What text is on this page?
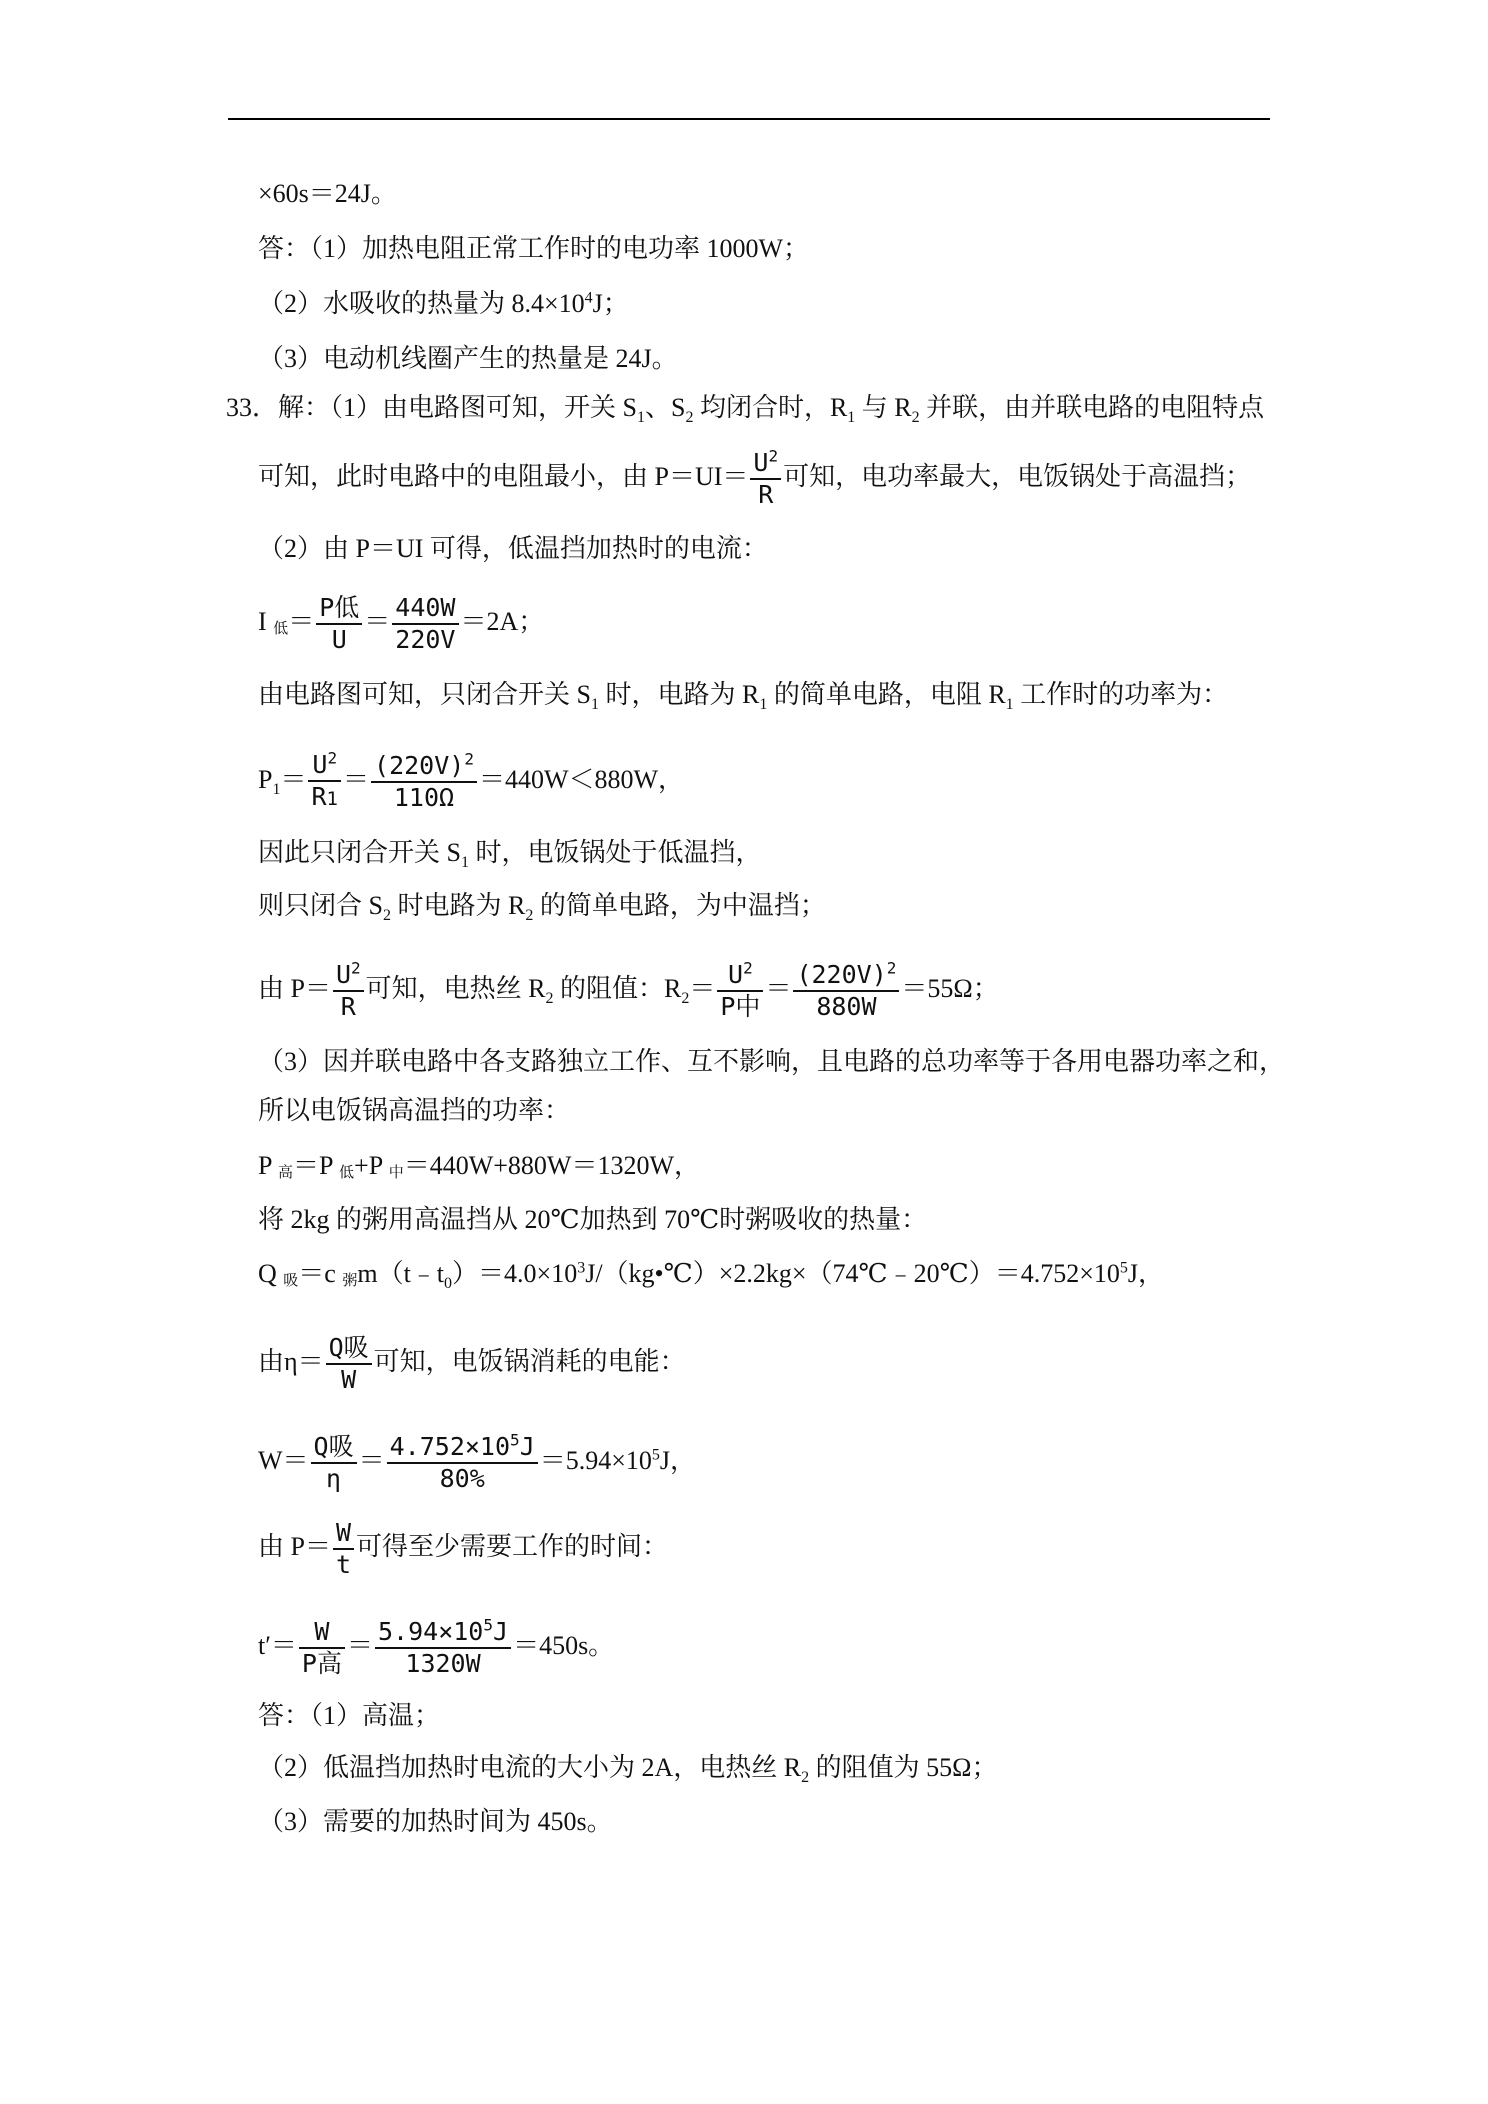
×60s＝24J。
答：（1）加热电阻正常工作时的电功率 1000W；
（2）水吸收的热量为 $8.4\times 10^4J$；
（3）电动机线圈产生的热量是 24J。
33．解：（1）由电路图可知，开关 $S_1$、$S_2$ 均闭合时，$R_1$ 与 $R_2$ 并联，由并联电路的电阻特点
可知，此时电路中的电阻最小，由 $P=UI= \frac{U^2}{R}$ 可知，电功率最大，电饭锅处于高温挡；
（2）由 P＝UI 可得，低温挡加热时的电流：
I 低＝ $\frac{\text{P低}}{U} = \frac{440W}{220V} =2A$；
由电路图可知，只闭合开关 $S_1$ 时，电路为 $R_1$ 的简单电路，电阻 $R_1$ 工作时的功率为：
$P_1= \frac{U^2}{R1} = \frac{(220V)^2}{110\Omega} =440W<880W$，
因此只闭合开关 $S_1$ 时，电饭锅处于低温挡，
则只闭合 $S_2$ 时电路为 $R_2$ 的简单电路，为中温挡；
由 $P= \frac{U^2}{R}$ 可知，电热丝 $R_2$ 的阻值：$R_2= \frac{U^2}{\text{P中}} = \frac{(220V)^2}{880W} =55\Omega$；
（3）因并联电路中各支路独立工作、互不影响，且电路的总功率等于各用电器功率之和，
所以电饭锅高温挡的功率：
P 高＝P 低+P 中＝440W+880W＝1320W，
将 2kg 的粥用高温挡从 20℃加热到 70℃时粥吸收的热量：
Q 吸＝c 粥$m(t﹣t_0)=4.0\times 10^3J/(kg•℃)\times 2.2kg\times(74℃﹣20℃)=4.752\times 10^5J$，
由$\eta= \frac{\text{Q吸}}{W}$ 可知，电饭锅消耗的电能：
$W= \frac{\text{Q吸}}{\eta} = \frac{4.752\times 10^5J}{80\%} =5.94\times 10^5J$，
由 $P= \frac{W}{t}$ 可得至少需要工作的时间：
$t'= \frac{W}{\text{P高}} = \frac{5.94\times 10^5J}{1320W} =450s$。
答：（1）高温；
（2）低温挡加热时电流的大小为 2A，电热丝 $R_2$ 的阻值为 55Ω；
（3）需要的加热时间为 450s。
